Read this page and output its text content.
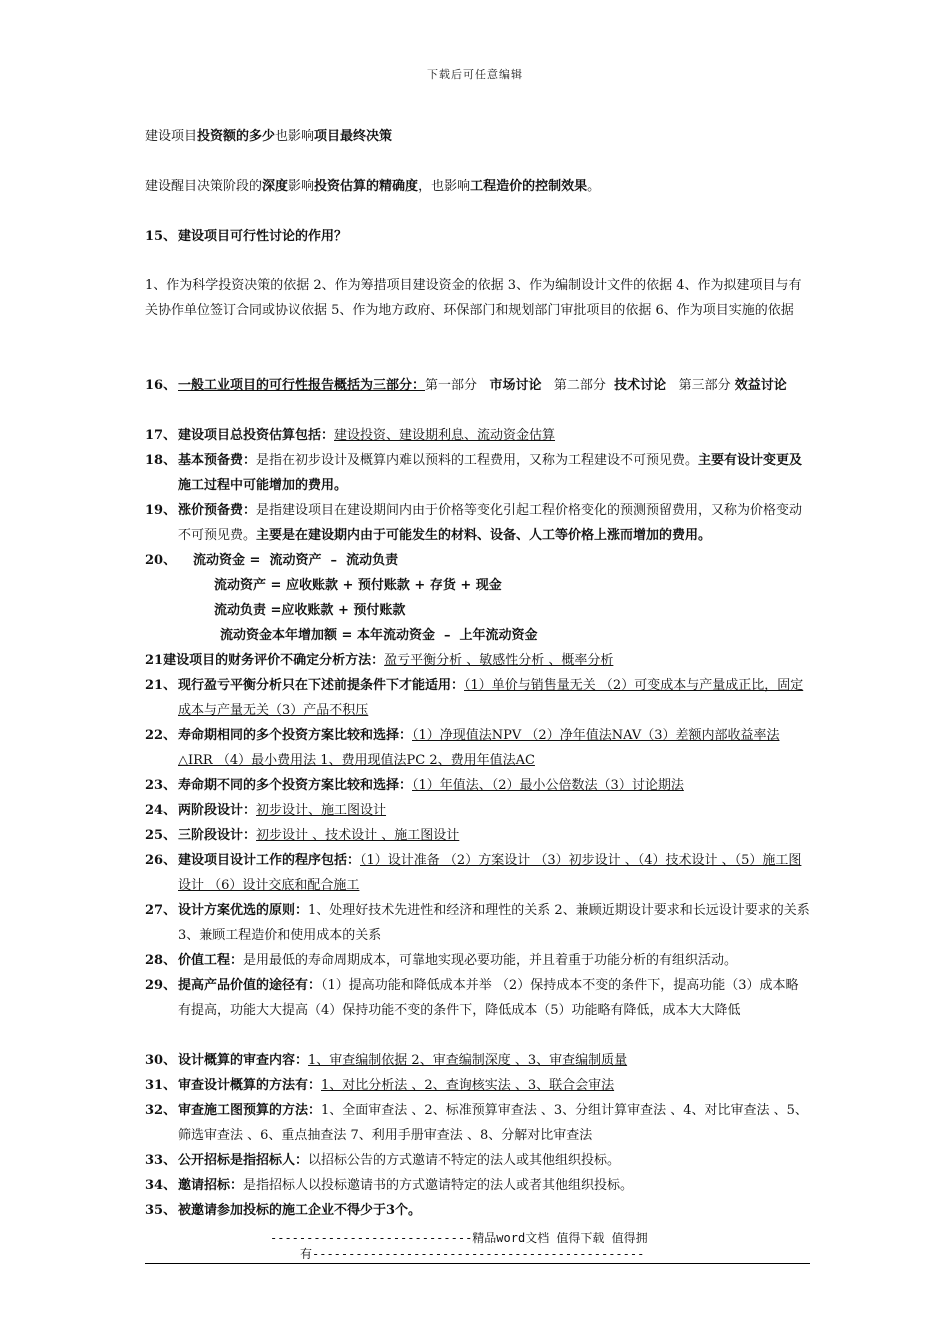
下载后可任意编辑
建设项目投资额的多少也影响项目最终决策
建设醒目决策阶段的深度影响投资估算的精确度，也影响工程造价的控制效果。
15、 建设项目可行性讨论的作用？
1、作为科学投资决策的依据 2、作为筹措项目建设资金的依据 3、作为编制设计文件的依据 4、作为拟建项目与有关协作单位签订合同或协议依据 5、作为地方政府、环保部门和规划部门审批项目的依据 6、作为项目实施的依据
16、 一般工业项目的可行性报告概括为三部分：第一部分 市场讨论 第二部分 技术讨论 第三部分 效益讨论
17、 建设项目总投资估算包括：建设投资、建设期利息、流动资金估算
18、 基本预备费：是指在初步设计及概算内难以预料的工程费用，又称为工程建设不可预见费。主要有设计变更及施工过程中可能增加的费用。
19、 涨价预备费：是指建设项目在建设期间内由于价格等变化引起工程价格变化的预测预留费用，又称为价格变动不可预见费。主要是在建设期内由于可能发生的材料、设备、人工等价格上涨而增加的费用。
20、	流动资金 =  流动资产  –  流动负责
流动资产 = 应收账款 + 预付账款 + 存货 + 现金
流动负责 =应收账款 + 预付账款
流动资金本年增加额 = 本年流动资金  –  上年流动资金
21建设项目的财务评价不确定分析方法：盈亏平衡分析 、敏感性分析 、概率分析
21、 现行盈亏平衡分析只在下述前提条件下才能适用：（1）单价与销售量无关 （2）可变成本与产量成正比，固定成本与产量无关（3）产品不积压
22、 寿命期相同的多个投资方案比较和选择：（1）净现值法NPV （2）净年值法NAV（3）差额内部收益率法△IRR （4）最小费用法 1、费用现值法PC 2、费用年值法AC
23、 寿命期不同的多个投资方案比较和选择：（1）年值法、（2）最小公倍数法（3）讨论期法
24、 两阶段设计：初步设计、施工图设计
25、 三阶段设计：初步设计 、技术设计 、施工图设计
26、 建设项目设计工作的程序包括：（1）设计准备 （2）方案设计 （3）初步设计 、（4）技术设计 、（5）施工图设计 （6）设计交底和配合施工
27、 设计方案优选的原则：1、处理好技术先进性和经济和理性的关系 2、兼顾近期设计要求和长远设计要求的关系 3、兼顾工程造价和使用成本的关系
28、 价值工程：是用最低的寿命周期成本，可靠地实现必要功能，并且着重于功能分析的有组织活动。
29、 提高产品价值的途径有：（1）提高功能和降低成本并举 （2）保持成本不变的条件下，提高功能（3）成本略有提高，功能大大提高（4）保持功能不变的条件下，降低成本（5）功能略有降低，成本大大降低
30、 设计概算的审查内容：1、审查编制依据 2、审查编制深度 、3、审查编制质量
31、 审查设计概算的方法有：1、对比分析法 、2、查询核实法 、3、联合会审法
32、 审查施工图预算的方法：1、全面审查法 、2、标准预算审查法 、3、分组计算审查法 、4、对比审查法 、5、筛选审查法 、6、重点抽查法 7、利用手册审查法 、8、分解对比审查法
33、 公开招标是指招标人：以招标公告的方式邀请不特定的法人或其他组织投标。
34、 邀请招标：是指招标人以投标邀请书的方式邀请特定的法人或者其他组织投标。
35、 被邀请参加投标的施工企业不得少于3个。
----------------------------精品word文档 值得下载 值得拥
有----------------------------------------------
